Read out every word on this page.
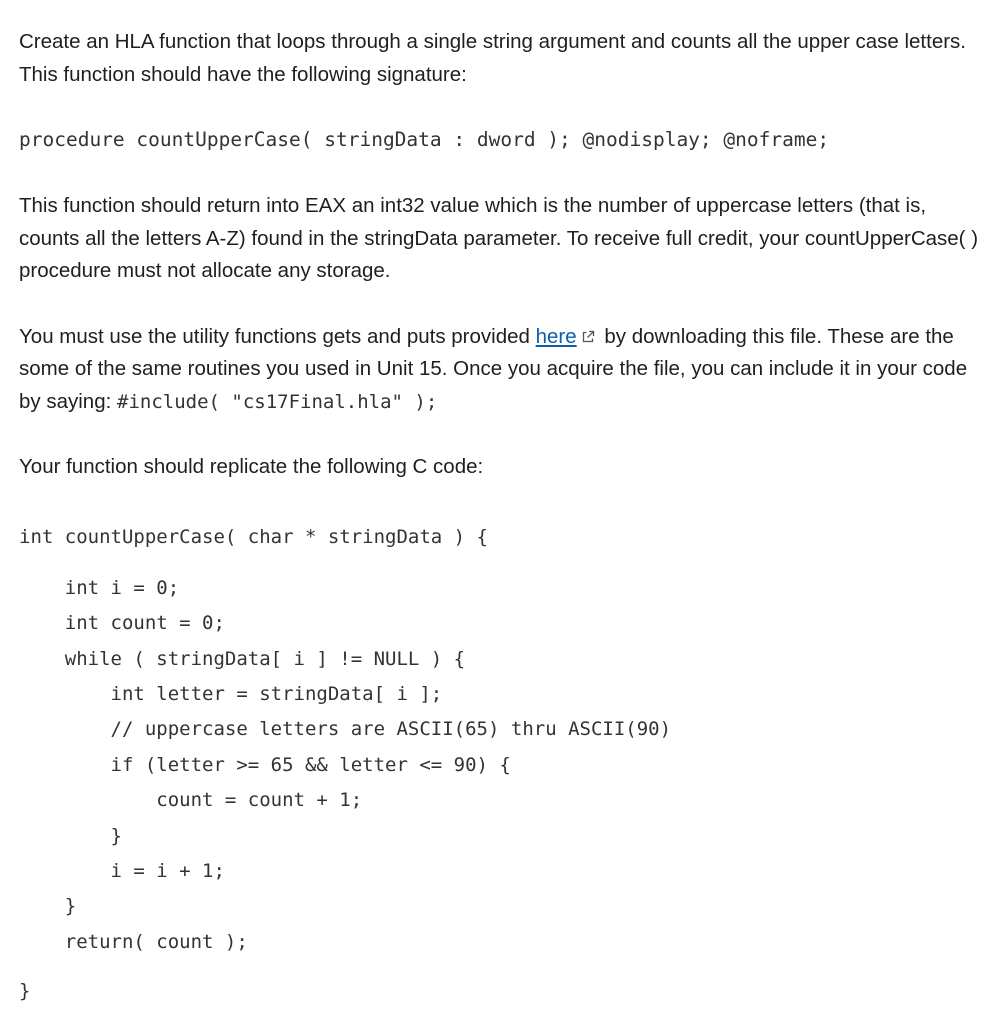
Create an HLA function that loops through a single string argument and counts all the upper case letters. This function should have the following signature:

procedure countUpperCase( stringData : dword ); @nodisplay; @noframe;

This function should return into EAX an int32 value which is the number of uppercase letters (that is, counts all the letters A-Z) found in the stringData parameter. To receive full credit, your countUpperCase( ) procedure must not allocate any storage.

You must use the utility functions gets and puts provided here by downloading this file. These are the some of the same routines you used in Unit 15. Once you acquire the file, you can include it in your code by saying: #include( "cs17Final.hla" );

Your function should replicate the following C code:

int countUpperCase( char * stringData ) {
int i = 0;
int count = 0;
while ( stringData[ i ] != NULL ) {
int letter = stringData[ i ];
// uppercase letters are ASCII(65) thru ASCII(90)
if (letter >= 65 && letter <= 90) {
count = count + 1;
}
i = i + 1;
}
return( count );
}
